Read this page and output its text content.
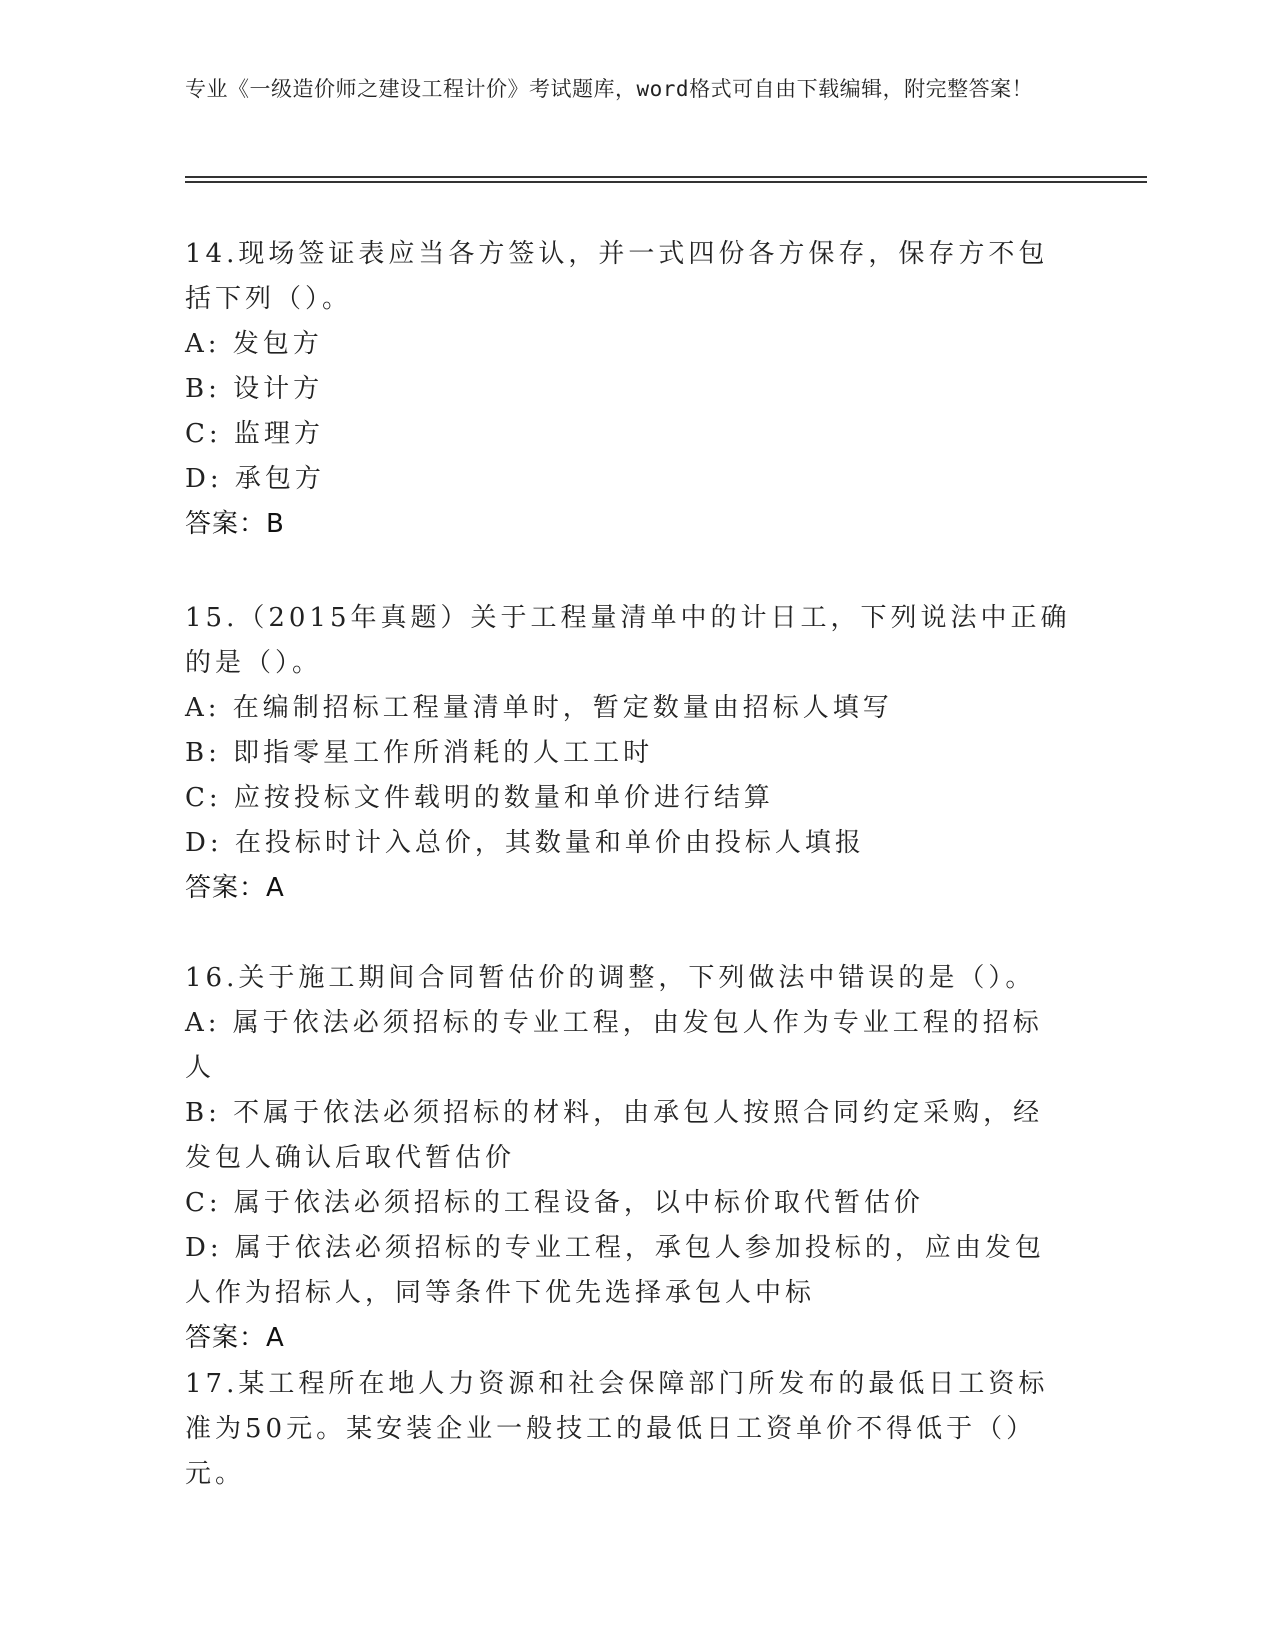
专业《一级造价师之建设工程计价》考试题库，word格式可自由下载编辑，附完整答案！
14.现场签证表应当各方签认，并一式四份各方保存，保存方不包括下列（）。
A: 发包方
B: 设计方
C: 监理方
D: 承包方
答案：B
15.（2015年真题）关于工程量清单中的计日工，下列说法中正确的是（）。
A: 在编制招标工程量清单时，暂定数量由招标人填写
B: 即指零星工作所消耗的人工工时
C: 应按投标文件载明的数量和单价进行结算
D: 在投标时计入总价，其数量和单价由投标人填报
答案：A
16.关于施工期间合同暂估价的调整，下列做法中错误的是（）。
A: 属于依法必须招标的专业工程，由发包人作为专业工程的招标人
B: 不属于依法必须招标的材料，由承包人按照合同约定采购，经发包人确认后取代暂估价
C: 属于依法必须招标的工程设备，以中标价取代暂估价
D: 属于依法必须招标的专业工程，承包人参加投标的，应由发包人作为招标人，同等条件下优先选择承包人中标
答案：A
17.某工程所在地人力资源和社会保障部门所发布的最低日工资标准为50元。某安装企业一般技工的最低日工资单价不得低于（）元。
